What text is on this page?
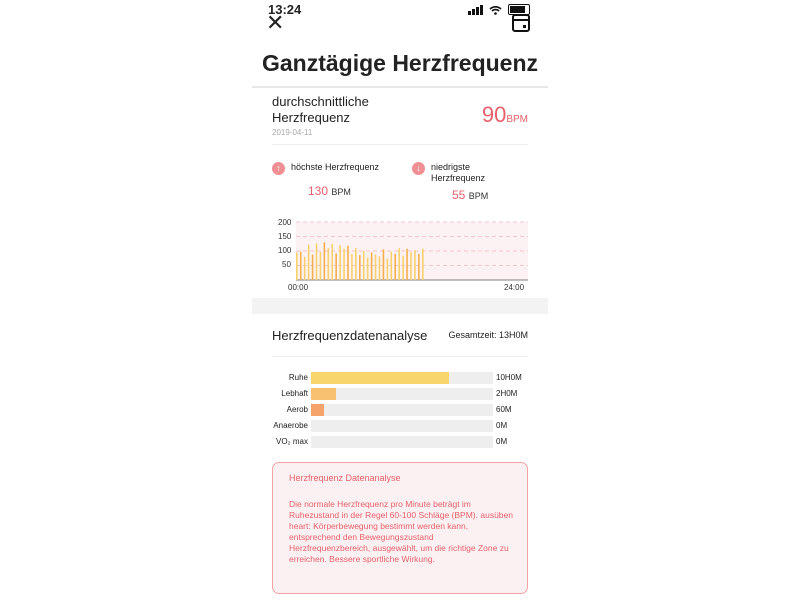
13:24
✕
Ganztägige Herzfrequenz
durchschnittliche Herzfrequenz
2019-04-11
90BPM
↑	höchste Herzfrequenz
130 BPM
↓	niedrigste Herzfrequenz
55 BPM
200
150
100
50
00:00	24:00
Herzfrequenzdatenanalyse Gesamtzeit: 13H0M
Ruhe	10H0M
Lebhaft	2H0M
Aerob	60M
Anaerobe	0M
VO₂ max	0M
Herzfrequenz Datenanalyse
Die normale Herzfrequenz pro Minute beträgt im Ruhezustand in der Regel 60-100 Schläge (BPM). ausüben heart: Körperbewegung bestimmt werden kann, entsprechend den Bewegungszustand Herzfrequenzbereich, ausgewählt, um die richtige Zone zu erreichen. Bessere sportliche Wirkung.
